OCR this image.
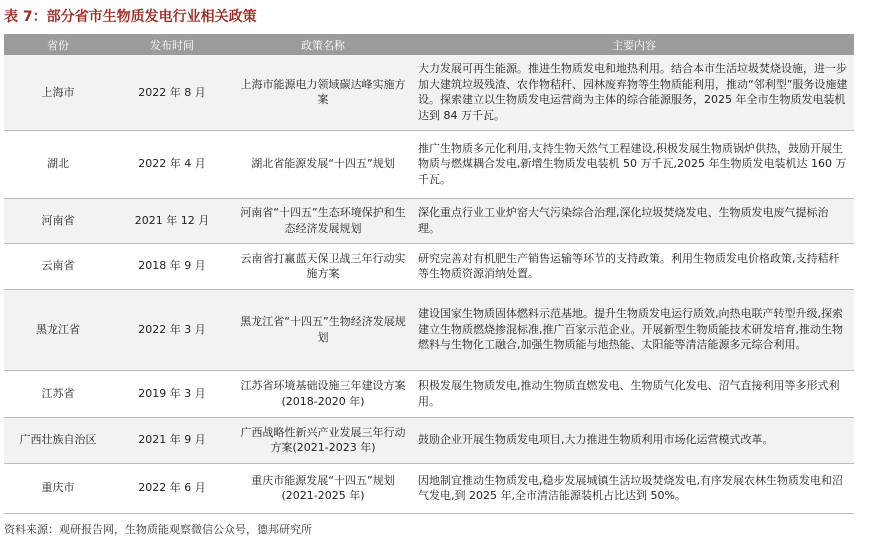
表 7：部分省市生物质发电行业相关政策
省份	发布时间	政策名称	主要内容
上海市	2022 年 8 月	上海市能源电力领域碳达峰实施方案	大力发展可再生能源。推进生物质发电和地热利用。结合本市生活垃圾焚烧设施，进一步加大建筑垃圾残渣、农作物秸秆、园林废弃物等生物质能利用，推动“邻利型”服务设施建设。探索建立以生物质发电运营商为主体的综合能源服务，2025 年全市生物质发电装机达到 84 万千瓦。
湖北	2022 年 4 月	湖北省能源发展“十四五”规划	推广生物质多元化利用,支持生物天然气工程建设,积极发展生物质锅炉供热，鼓励开展生物质与燃煤耦合发电,新增生物质发电装机 50 万千瓦,2025 年生物质发电装机达 160 万千瓦。
河南省	2021 年 12 月	河南省“十四五”生态环境保护和生态经济发展规划	深化重点行业工业炉窑大气污染综合治理,深化垃圾焚烧发电、生物质发电废气提标治理。
云南省	2018 年 9 月	云南省打赢蓝天保卫战三年行动实施方案	研究完善对有机肥生产销售运输等环节的支持政策。利用生物质发电价格政策,支持秸秆等生物质资源消纳处置。
黑龙江省	2022 年 3 月	黑龙江省“十四五”生物经济发展规划	建设国家生物质固体燃料示范基地。提升生物质发电运行质效,向热电联产转型升级,探索建立生物质燃烧掺混标准,推广百家示范企业。开展新型生物质能技术研发培育,推动生物燃料与生物化工融合,加强生物质能与地热能、太阳能等清洁能源多元综合利用。
江苏省	2019 年 3 月	江苏省环境基础设施三年建设方案(2018-2020 年)	积极发展生物质发电,推动生物质直燃发电、生物质气化发电、沼气直接利用等多形式利用。
广西壮族自治区	2021 年 9 月	广西战略性新兴产业发展三年行动方案(2021-2023 年)	鼓励企业开展生物质发电项目,大力推进生物质利用市场化运营模式改革。
重庆市	2022 年 6 月	重庆市能源发展“十四五”规划(2021-2025 年)	因地制宜推动生物质发电,稳步发展城镇生活垃圾焚烧发电,有序发展农林生物质发电和沼气发电,到 2025 年,全市清洁能源装机占比达到 50%。
资料来源：观研报告网，生物质能观察微信公众号，德邦研究所
